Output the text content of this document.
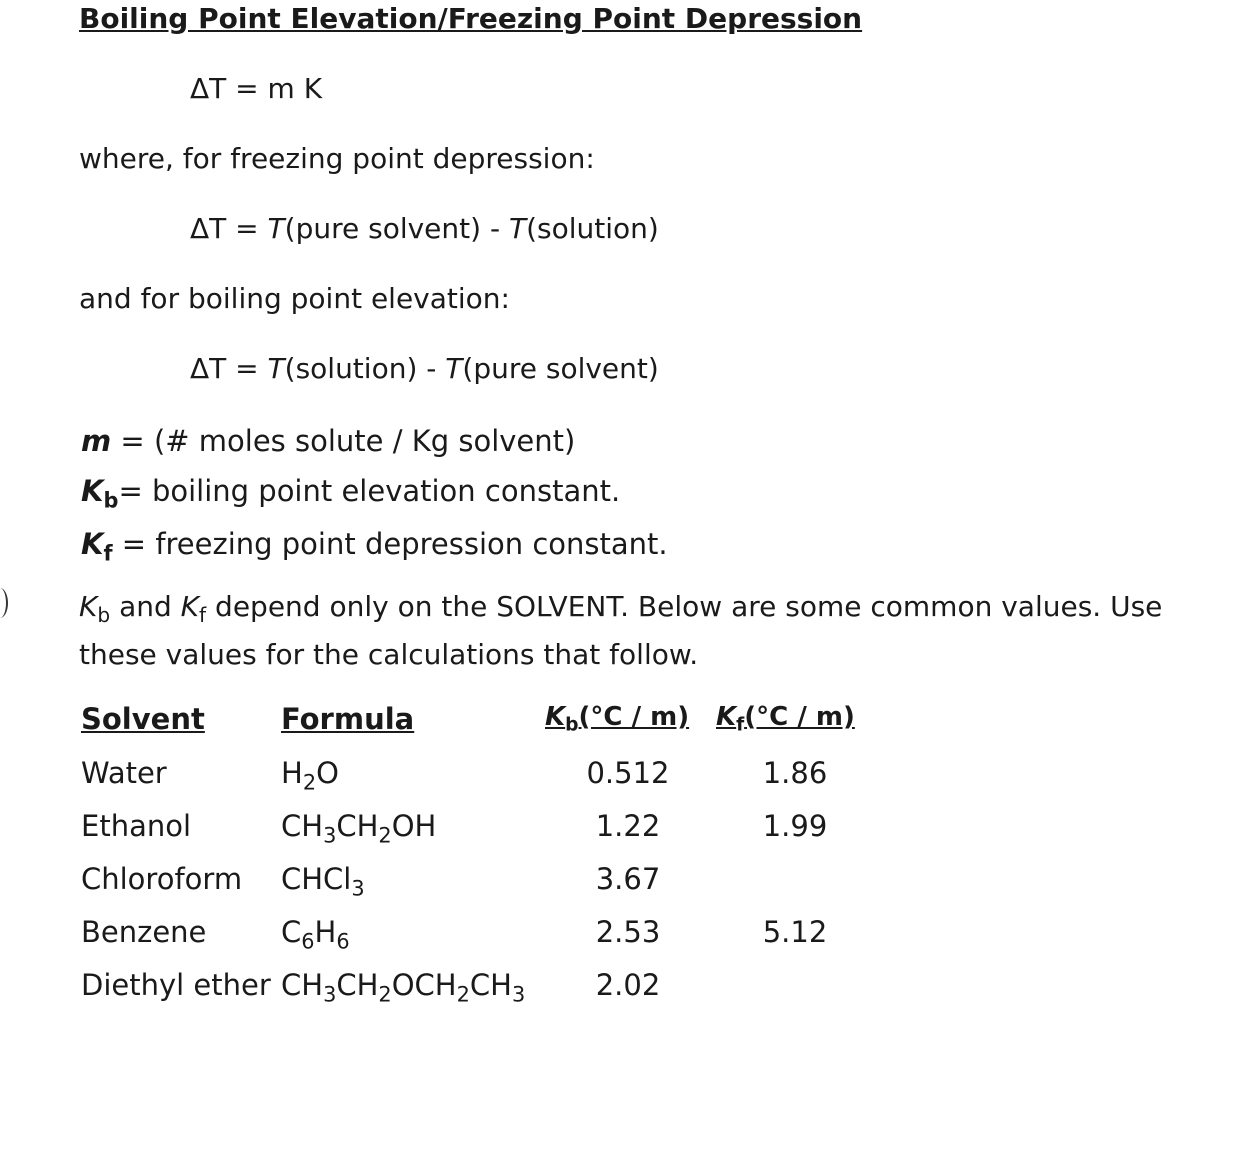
Boiling Point Elevation/Freezing Point Depression
ΔT = m K
where, for freezing point depression:
ΔT = T(pure solvent) - T(solution)
and for boiling point elevation:
ΔT = T(solution) - T(pure solvent)
m = (# moles solute / Kg solvent)
$K_b=$ boiling point elevation constant.
$K_f$ = freezing point depression constant.
$K_b$ and $K_f$ depend only on the SOLVENT. Below are some common values. Use
these values for the calculations that follow.
Solvent	Formula	$K_b(^\circ C / m)$ $K_f(^\circ C / m)$
Water	$H_2O$	0.512	1.86
Ethanol	$CH_3CH_2OH$	1.22	1.99
Chloroform CHCl$_3$	3.67
Benzene	$C_6H_6$	2.53	5.12
Diethyl ether $CH_3CH_2OCH_2CH_3$	2.02
